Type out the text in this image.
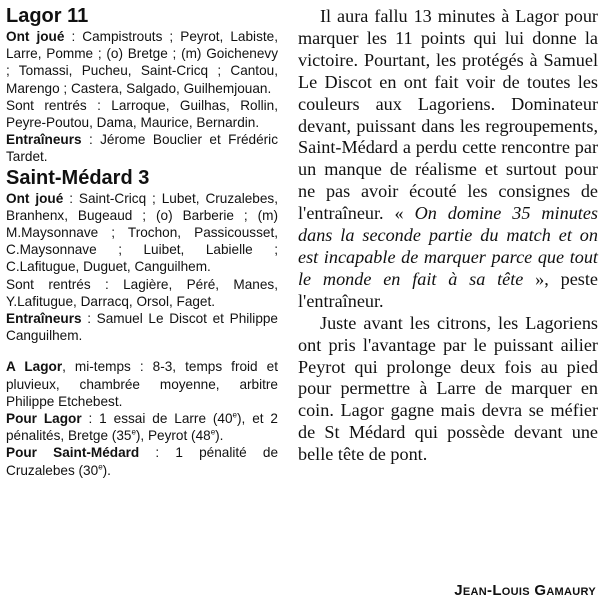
Lagor 11

Ont joué : Campistrouts ; Peyrot, Labiste, Larre, Pomme ; (o) Bretge ; (m) Goichenevy ; Tomassi, Pucheu, Saint-Cricq ; Cantou, Marengo ; Castera, Salgado, Guilhemjouan.

Sont rentrés : Larroque, Guilhas, Rollin, Peyre-Poutou, Dama, Maurice, Bernardin.

Entraîneurs : Jérome Bouclier et Frédéric Tardet.

Saint-Médard 3

Ont joué : Saint-Cricq ; Lubet, Cruzalebes, Branhenx, Bugeaud ; (o) Barberie ; (m) M.Maysonnave ; Trochon, Passicousset, C.Maysonnave ; Luibet, Labielle ; C.Lafitugue, Duguet, Canguilhem.

Sont rentrés : Lagière, Péré, Manes, Y.Lafitugue, Darracq, Orsol, Faget.

Entraîneurs : Samuel Le Discot et Philippe Canguilhem.

A Lagor, mi-temps : 8-3, temps froid et pluvieux, chambrée moyenne, arbitre Philippe Etchebest.

Pour Lagor : 1 essai de Larre (40e), et 2 pénalités, Bretge (35e), Peyrot (48e).

Pour Saint-Médard : 1 pénalité de Cruzalebes (30e).

Il aura fallu 13 minutes à Lagor pour marquer les 11 points qui lui donne la victoire. Pourtant, les protégés à Samuel Le Discot en ont fait voir de toutes les couleurs aux Lagoriens. Dominateur devant, puissant dans les regroupements, Saint-Médard a perdu cette rencontre par un manque de réalisme et surtout pour ne pas avoir écouté les consignes de l'entraîneur. « On domine 35 minutes dans la seconde partie du match et on est incapable de marquer parce que tout le monde en fait à sa tête », peste l'entraîneur.

Juste avant les citrons, les Lagoriens ont pris l'avantage par le puissant ailier Peyrot qui prolonge deux fois au pied pour permettre à Larre de marquer en coin. Lagor gagne mais devra se méfier de St Médard qui possède devant une belle tête de pont.

Jean-Louis Gamaury
